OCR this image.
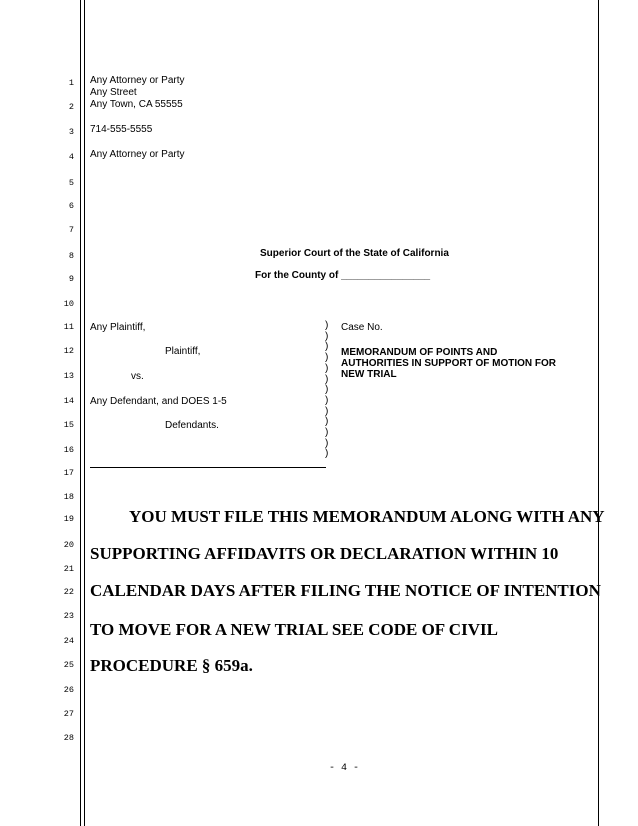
1
2
3
4
5
6
7
8
9
10
11
12
13
14
15
16
17
18
19
20
21
22
23
24
25
26
27
28
Any Attorney or Party
Any Street
Any Town, CA 55555
714-555-5555
Any Attorney or Party
Superior Court of the State of California
For the County of ________________
Any Plaintiff,
Plaintiff,
vs.
Any Defendant, and DOES 1-5
Defendants.
)
)
)
)
)
)
)
)
)
)
)
)
)
Case No.
MEMORANDUM OF POINTS AND
AUTHORITIES IN SUPPORT OF MOTION FOR
NEW TRIAL
YOU MUST FILE THIS MEMORANDUM ALONG WITH ANY
SUPPORTING AFFIDAVITS OR DECLARATION WITHIN 10
CALENDAR DAYS AFTER FILING THE NOTICE OF INTENTION
TO MOVE FOR A NEW TRIAL SEE CODE OF CIVIL
PROCEDURE § 659a.
- 4 -
